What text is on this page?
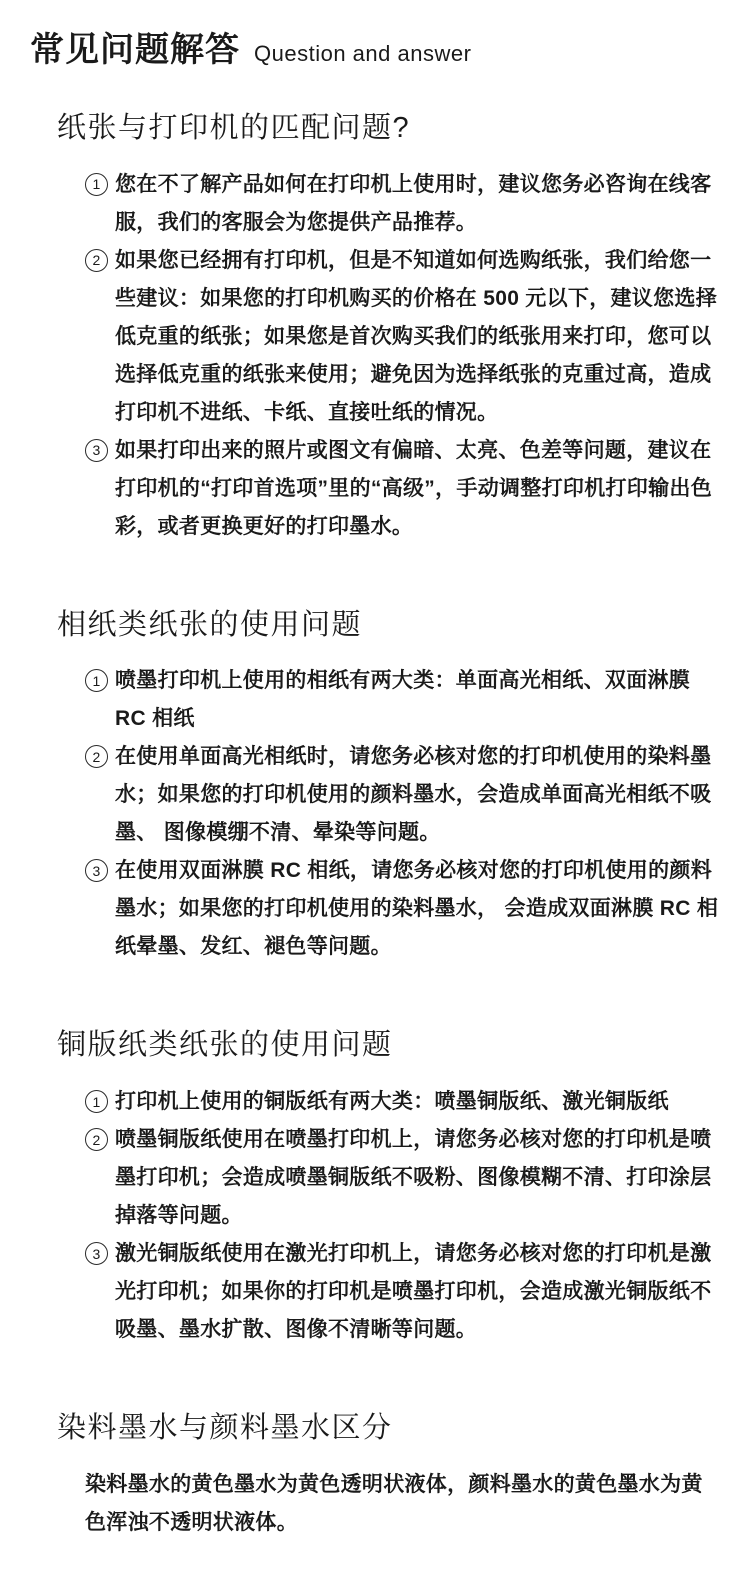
常见问题解答 Question and answer
纸张与打印机的匹配问题?
1 您在不了解产品如何在打印机上使用时，建议您务必咨询在线客服，我们的客服会为您提供产品推荐。
2 如果您已经拥有打印机，但是不知道如何选购纸张，我们给您一些建议：如果您的打印机购买的价格在 500 元以下，建议您选择低克重的纸张；如果您是首次购买我们的纸张用来打印，您可以选择低克重的纸张来使用；避免因为选择纸张的克重过高，造成打印机不进纸、卡纸、直接吐纸的情况。
3 如果打印出来的照片或图文有偏暗、太亮、色差等问题，建议在打印机的“打印首选项”里的“高级”，手动调整打印机打印输出色彩，或者更换更好的打印墨水。
相纸类纸张的使用问题
1 喷墨打印机上使用的相纸有两大类：单面高光相纸、双面淋膜 RC 相纸
2 在使用单面高光相纸时，请您务必核对您的打印机使用的染料墨水；如果您的打印机使用的颜料墨水，会造成单面高光相纸不吸墨、 图像模绷不清、晕染等问题。
3 在使用双面淋膜 RC 相纸，请您务必核对您的打印机使用的颜料墨水；如果您的打印机使用的染料墨水， 会造成双面淋膜 RC 相纸晕墨、发红、褪色等问题。
铜版纸类纸张的使用问题
1 打印机上使用的铜版纸有两大类：喷墨铜版纸、激光铜版纸
2 喷墨铜版纸使用在喷墨打印机上，请您务必核对您的打印机是喷墨打印机；会造成喷墨铜版纸不吸粉、图像模糊不清、打印涂层掉落等问题。
3 激光铜版纸使用在激光打印机上，请您务必核对您的打印机是激光打印机；如果你的打印机是喷墨打印机，会造成激光铜版纸不吸墨、墨水扩散、图像不清晰等问题。
染料墨水与颜料墨水区分

染料墨水的黄色墨水为黄色透明状液体，颜料墨水的黄色墨水为黄色浑浊不透明状液体。
